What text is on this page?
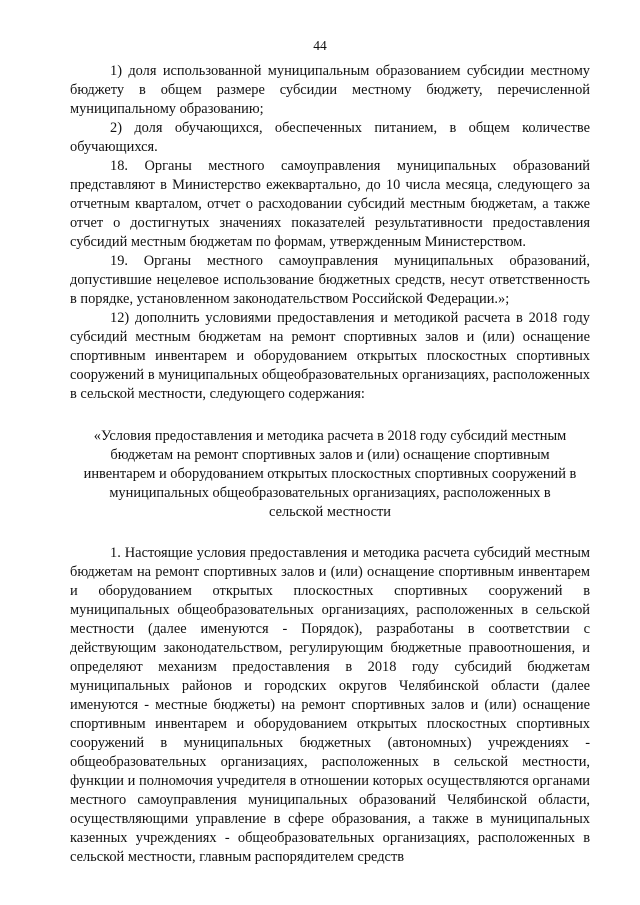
44

1) доля использованной муниципальным образованием субсидии местному бюджету в общем размере субсидии местному бюджету, перечисленной муниципальному образованию;

2) доля обучающихся, обеспеченных питанием, в общем количестве обучающихся.

18. Органы местного самоуправления муниципальных образований представляют в Министерство ежеквартально, до 10 числа месяца, следующего за отчетным кварталом, отчет о расходовании субсидий местным бюджетам, а также отчет о достигнутых значениях показателей результативности предоставления субсидий местным бюджетам по формам, утвержденным Министерством.

19. Органы местного самоуправления муниципальных образований, допустившие нецелевое использование бюджетных средств, несут ответственность в порядке, установленном законодательством Российской Федерации.»;

12) дополнить условиями предоставления и методикой расчета в 2018 году субсидий местным бюджетам на ремонт спортивных залов и (или) оснащение спортивным инвентарем и оборудованием открытых плоскостных спортивных сооружений в муниципальных общеобразовательных организациях, расположенных в сельской местности, следующего содержания:

«Условия предоставления и методика расчета в 2018 году субсидий местным бюджетам на ремонт спортивных залов и (или) оснащение спортивным инвентарем и оборудованием открытых плоскостных спортивных сооружений в муниципальных общеобразовательных организациях, расположенных в сельской местности

1. Настоящие условия предоставления и методика расчета субсидий местным бюджетам на ремонт спортивных залов и (или) оснащение спортивным инвентарем и оборудованием открытых плоскостных спортивных сооружений в муниципальных общеобразовательных организациях, расположенных в сельской местности (далее именуются - Порядок), разработаны в соответствии с действующим законодательством, регулирующим бюджетные правоотношения, и определяют механизм предоставления в 2018 году субсидий бюджетам муниципальных районов и городских округов Челябинской области (далее именуются - местные бюджеты) на ремонт спортивных залов и (или) оснащение спортивным инвентарем и оборудованием открытых плоскостных спортивных сооружений в муниципальных бюджетных (автономных) учреждениях - общеобразовательных организациях, расположенных в сельской местности, функции и полномочия учредителя в отношении которых осуществляются органами местного самоуправления муниципальных образований Челябинской области, осуществляющими управление в сфере образования, а также в муниципальных казенных учреждениях - общеобразовательных организациях, расположенных в сельской местности, главным распорядителем средств
